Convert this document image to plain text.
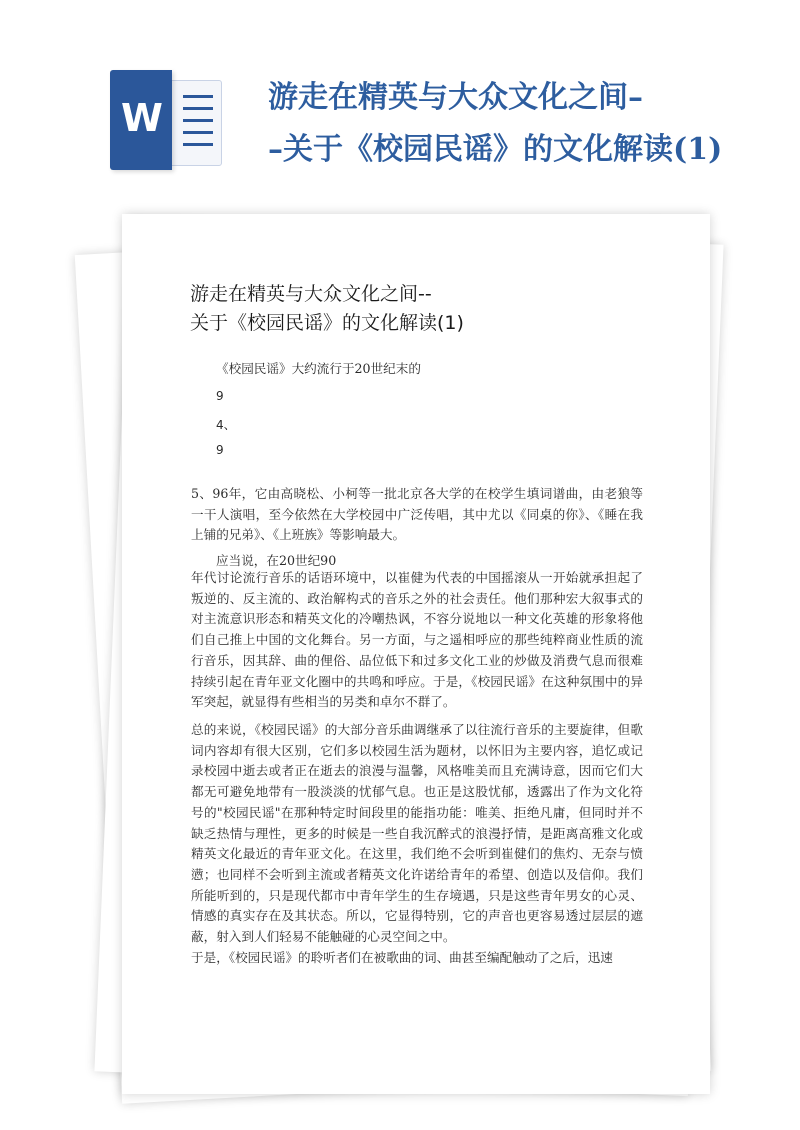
W	游走在精英与大众文化之间–
–关于《校园民谣》的文化解读(1)
游走在精英与大众文化之间--
关于《校园民谣》的文化解读(1)
《校园民谣》大约流行于20世纪末的
9
4、
9
5、96年，它由高晓松、小柯等一批北京各大学的在校学生填词谱曲，由老狼等一干人演唱，至今依然在大学校园中广泛传唱，其中尤以《同桌的你》、《睡在我上铺的兄弟》、《上班族》等影响最大。
应当说，在20世纪90
年代讨论流行音乐的话语环境中，以崔健为代表的中国摇滚从一开始就承担起了叛逆的、反主流的、政治解构式的音乐之外的社会责任。他们那种宏大叙事式的对主流意识形态和精英文化的冷嘲热讽，不容分说地以一种文化英雄的形象将他们自己推上中国的文化舞台。另一方面，与之遥相呼应的那些纯粹商业性质的流行音乐，因其辞、曲的俚俗、品位低下和过多文化工业的炒做及消费气息而很难持续引起在青年亚文化圈中的共鸣和呼应。于是，《校园民谣》在这种氛围中的异军突起，就显得有些相当的另类和卓尔不群了。
总的来说，《校园民谣》的大部分音乐曲调继承了以往流行音乐的主要旋律，但歌词内容却有很大区别，它们多以校园生活为题材，以怀旧为主要内容，追忆或记录校园中逝去或者正在逝去的浪漫与温馨，风格唯美而且充满诗意，因而它们大都无可避免地带有一股淡淡的忧郁气息。也正是这股忧郁，透露出了作为文化符号的"校园民谣"在那种特定时间段里的能指功能：唯美、拒绝凡庸，但同时并不缺乏热情与理性，更多的时候是一些自我沉醉式的浪漫抒情，是距离高雅文化或精英文化最近的青年亚文化。在这里，我们绝不会听到崔健们的焦灼、无奈与愤懑；也同样不会听到主流或者精英文化许诺给青年的希望、创造以及信仰。我们所能听到的，只是现代都市中青年学生的生存境遇，只是这些青年男女的心灵、情感的真实存在及其状态。所以，它显得特别，它的声音也更容易透过层层的遮蔽，射入到人们轻易不能触碰的心灵空间之中。
于是，《校园民谣》的聆听者们在被歌曲的词、曲甚至编配触动了之后，迅速
